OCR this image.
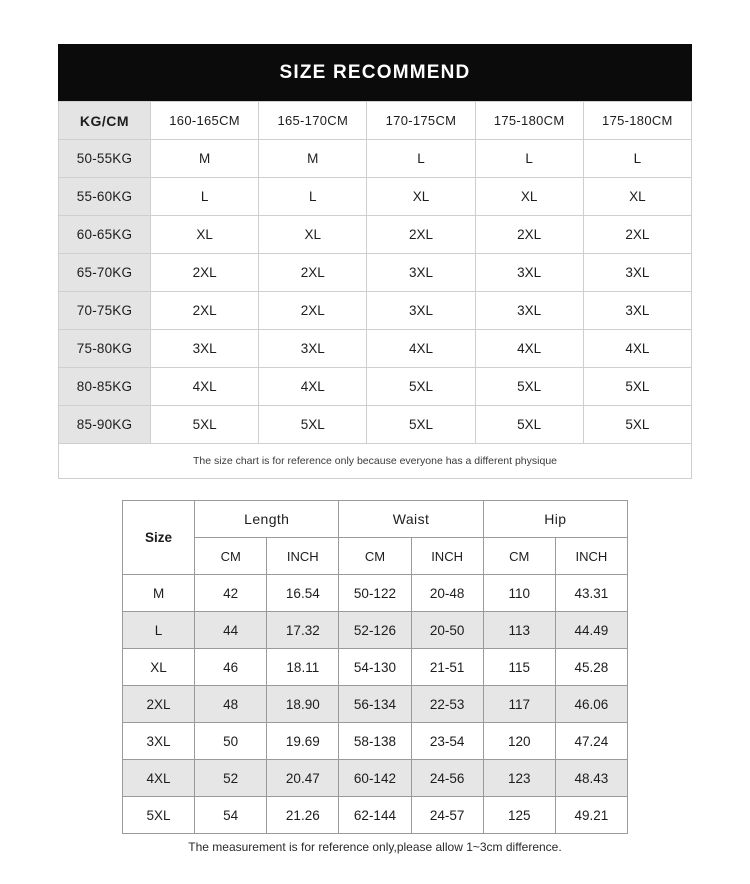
SIZE RECOMMEND
KG/CM	160-165CM	165-170CM	170-175CM	175-180CM	175-180CM
50-55KG	M	M	L	L	L
55-60KG	L	L	XL	XL	XL
60-65KG	XL	XL	2XL	2XL	2XL
65-70KG	2XL	2XL	3XL	3XL	3XL
70-75KG	2XL	2XL	3XL	3XL	3XL
75-80KG	3XL	3XL	4XL	4XL	4XL
80-85KG	4XL	4XL	5XL	5XL	5XL
85-90KG	5XL	5XL	5XL	5XL	5XL
The size chart is for reference only because everyone has a different physique
Size	Length		Waist		Hip	
	CM	INCH	CM	INCH	CM	INCH
M	42	16.54	50-122	20-48	110	43.31
L	44	17.32	52-126	20-50	113	44.49
XL	46	18.11	54-130	21-51	115	45.28
2XL	48	18.90	56-134	22-53	117	46.06
3XL	50	19.69	58-138	23-54	120	47.24
4XL	52	20.47	60-142	24-56	123	48.43
5XL	54	21.26	62-144	24-57	125	49.21
The measurement is for reference only,please allow 1~3cm difference.
